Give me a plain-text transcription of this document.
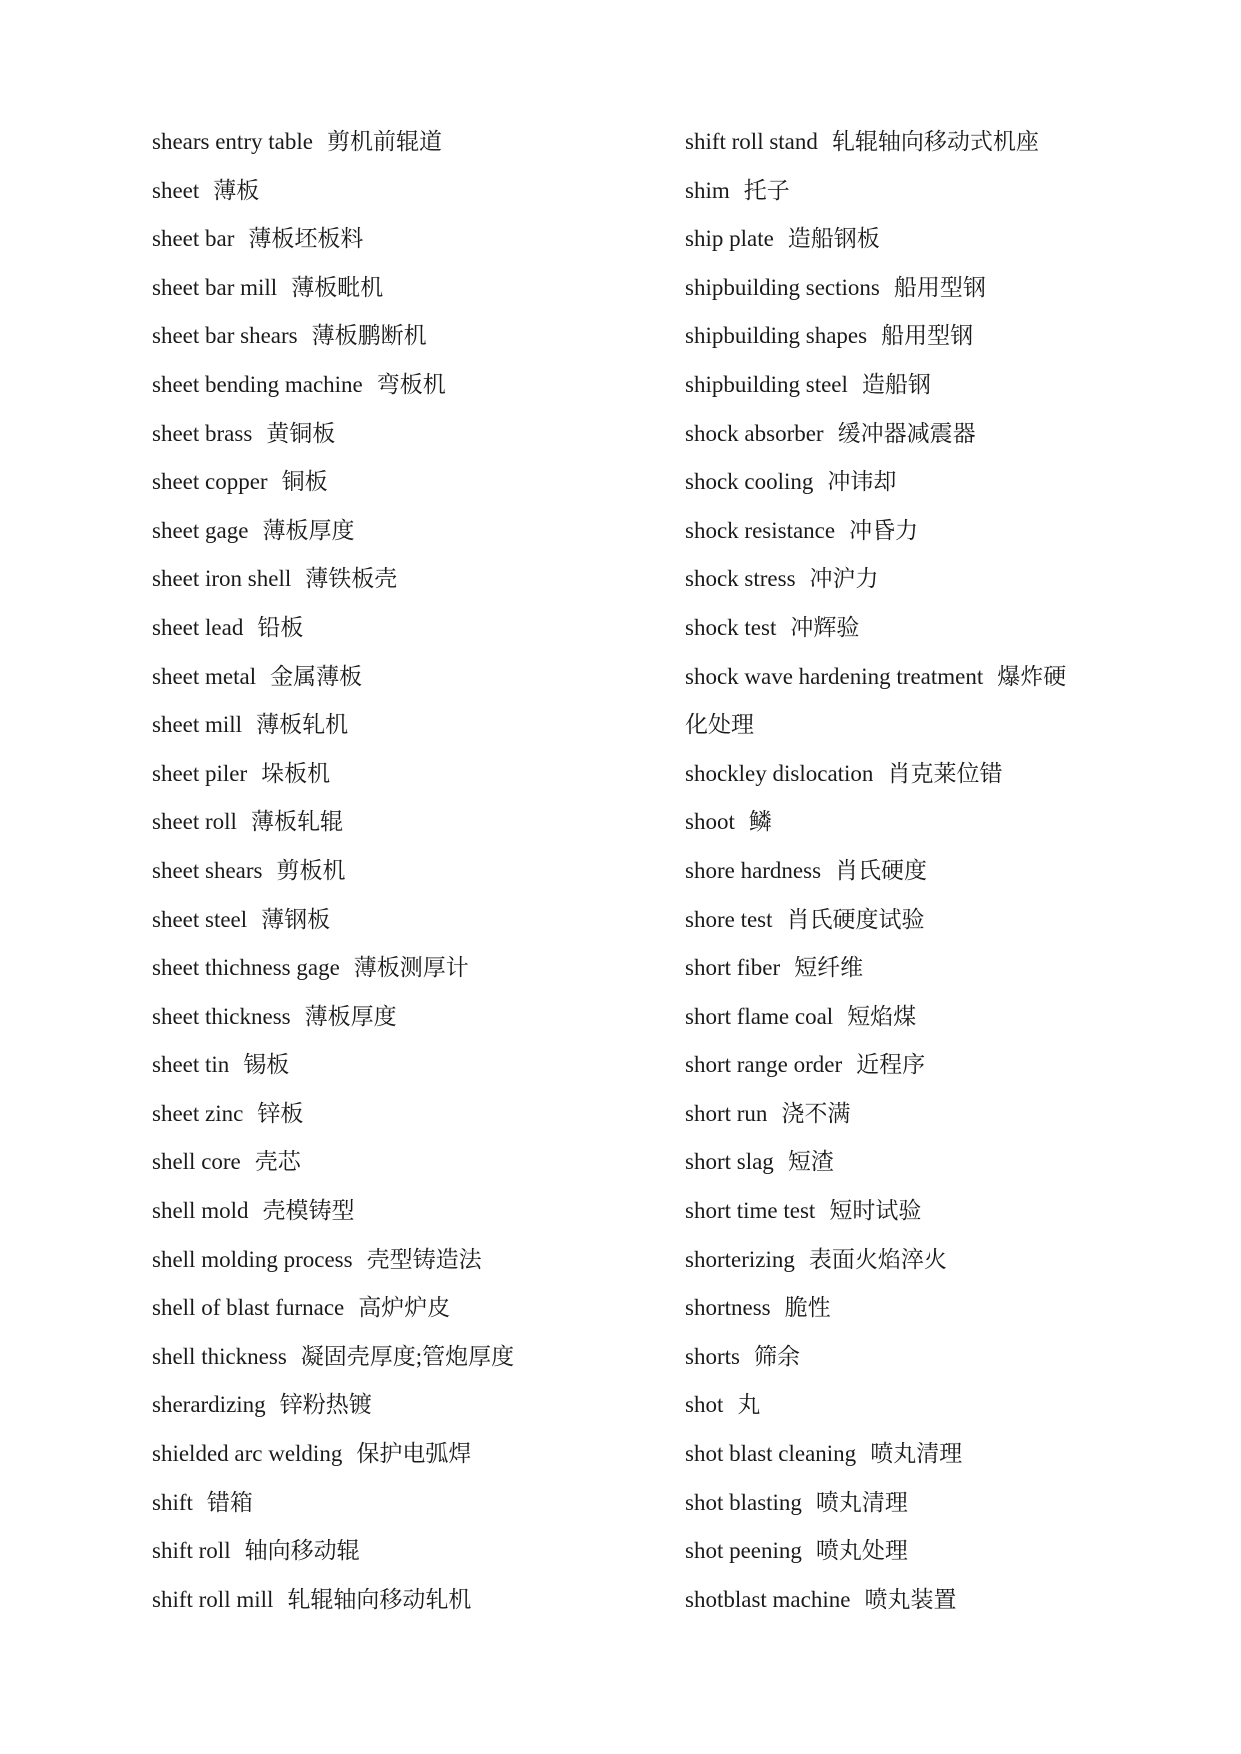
shears entry table 剪机前辊道
sheet 薄板
sheet bar 薄板坯板料
sheet bar mill 薄板毗机
sheet bar shears 薄板鹏断机
sheet bending machine 弯板机
sheet brass 黄铜板
sheet copper 铜板
sheet gage 薄板厚度
sheet iron shell 薄铁板壳
sheet lead 铅板
sheet metal 金属薄板
sheet mill 薄板轧机
sheet piler 垛板机
sheet roll 薄板轧辊
sheet shears 剪板机
sheet steel 薄钢板
sheet thichness gage 薄板测厚计
sheet thickness 薄板厚度
sheet tin 锡板
sheet zinc 锌板
shell core 壳芯
shell mold 壳模铸型
shell molding process 壳型铸造法
shell of blast furnace 高炉炉皮
shell thickness 凝固壳厚度;管炮厚度
sherardizing 锌粉热镀
shielded arc welding 保护电弧焊
shift 错箱
shift roll 轴向移动辊
shift roll mill 轧辊轴向移动轧机
shift roll stand 轧辊轴向移动式机座
shim 托子
ship plate 造船钢板
shipbuilding sections 船用型钢
shipbuilding shapes 船用型钢
shipbuilding steel 造船钢
shock absorber 缓冲器减震器
shock cooling 冲讳却
shock resistance 冲昏力
shock stress 冲沪力
shock test 冲辉验
shock wave hardening treatment 爆炸硬
化处理
shockley dislocation 肖克莱位错
shoot 鳞
shore hardness 肖氏硬度
shore test 肖氏硬度试验
short fiber 短纤维
short flame coal 短焰煤
short range order 近程序
short run 浇不满
short slag 短渣
short time test 短时试验
shorterizing 表面火焰淬火
shortness 脆性
shorts 筛余
shot 丸
shot blast cleaning 喷丸清理
shot blasting 喷丸清理
shot peening 喷丸处理
shotblast machine 喷丸装置
